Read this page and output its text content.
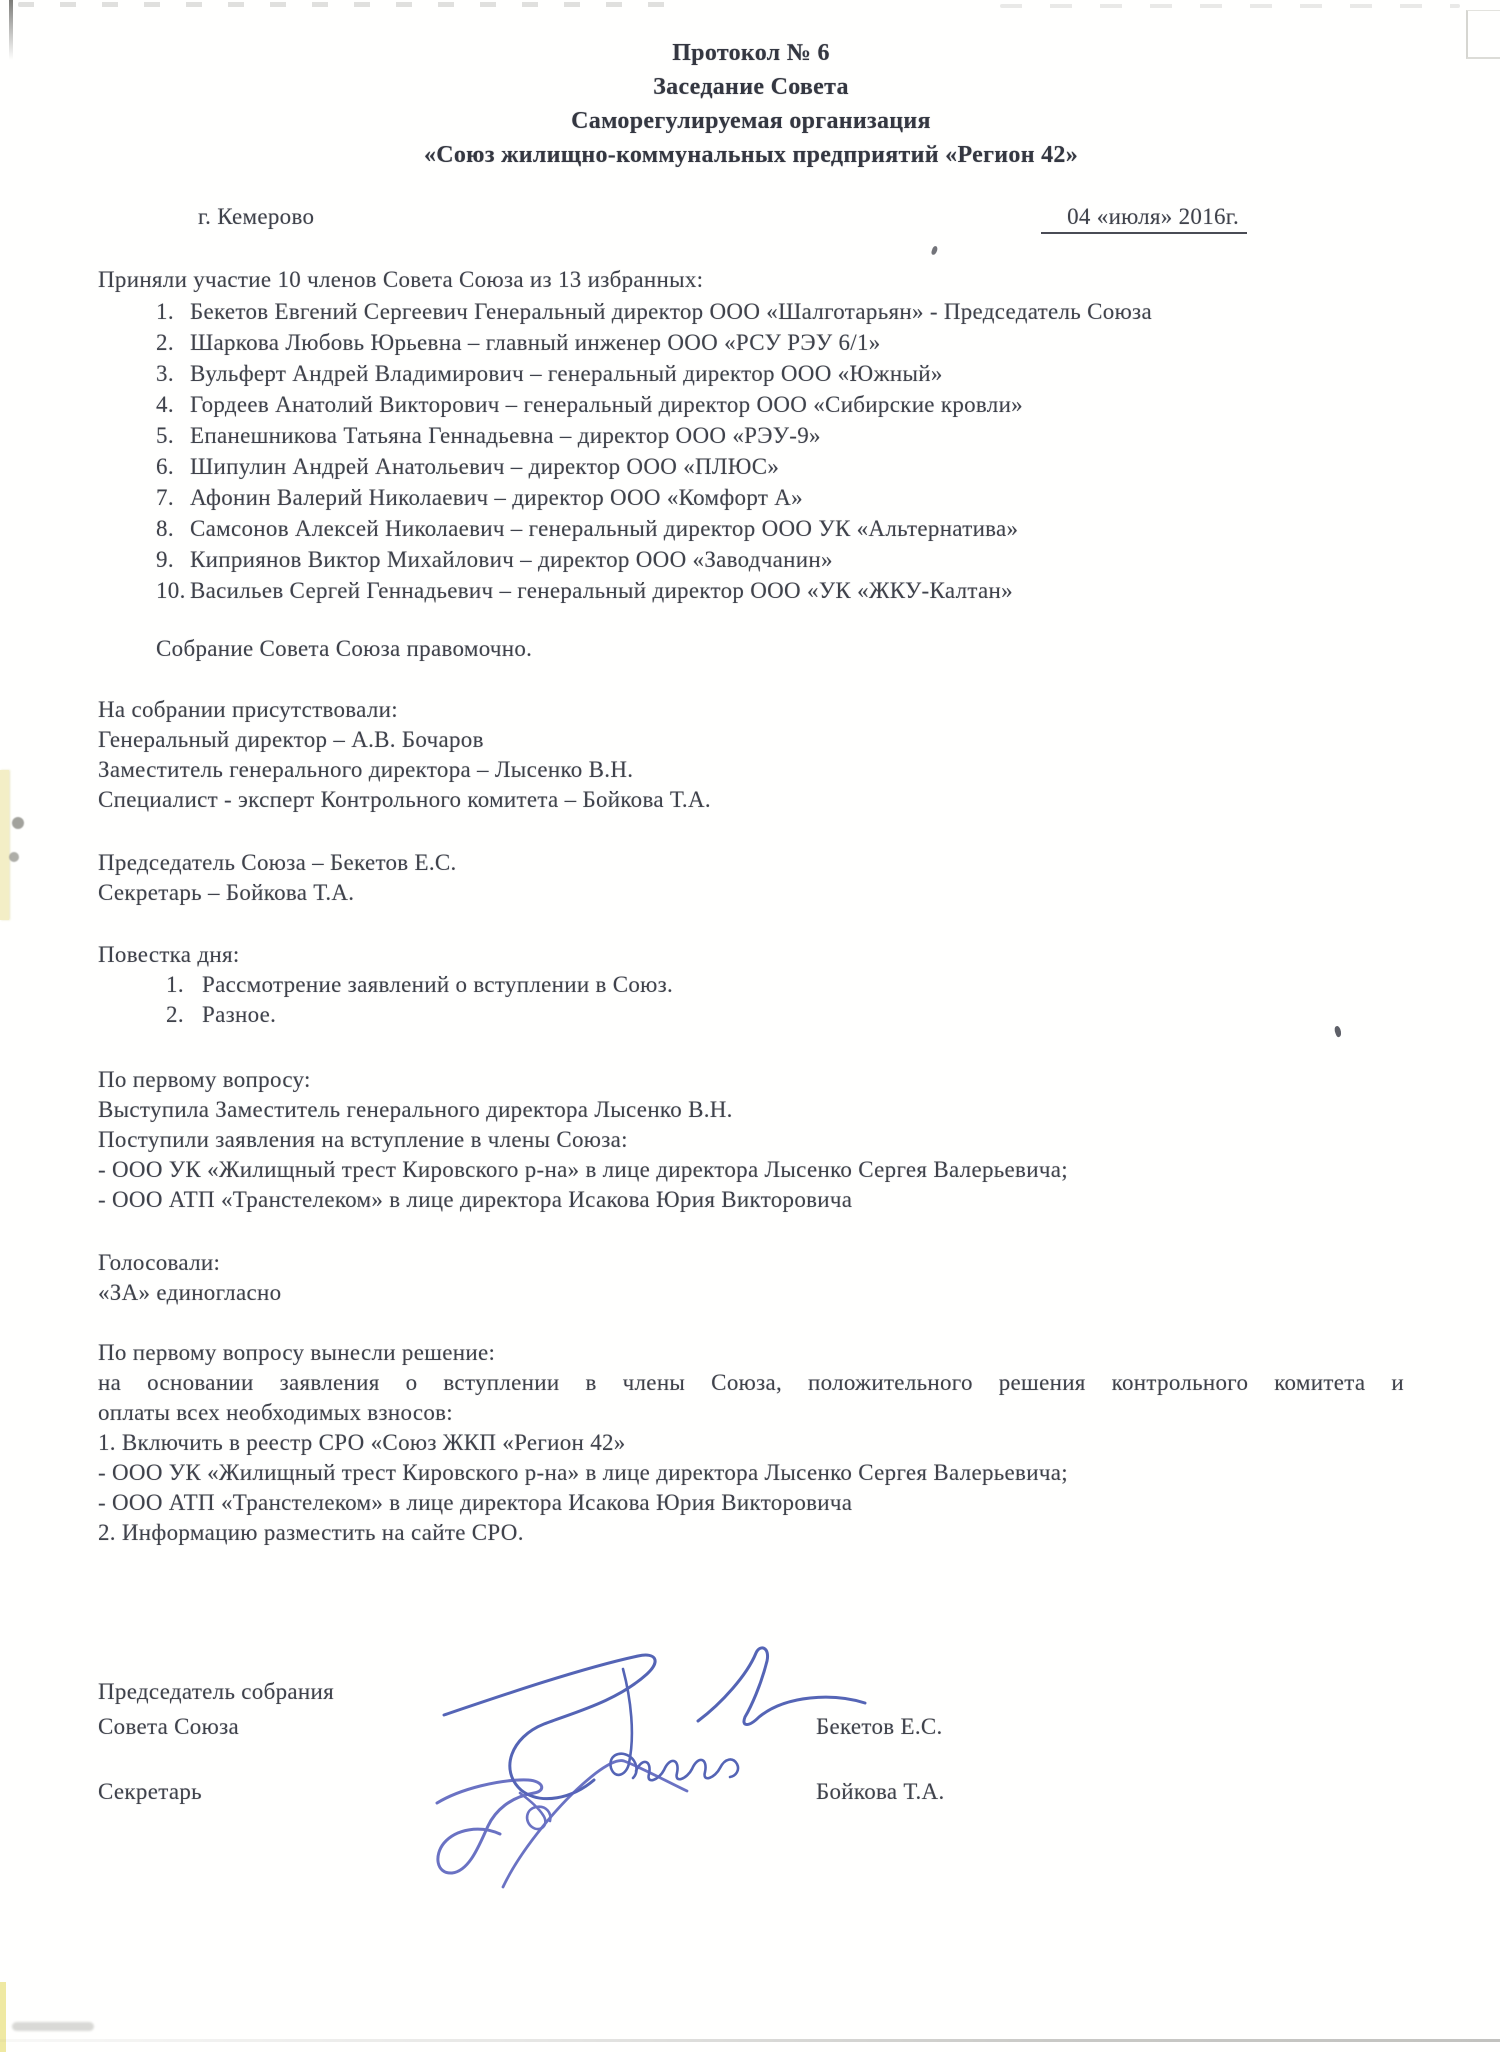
Протокол № 6
Заседание Совета
Саморегулируемая организация
«Союз жилищно-коммунальных предприятий «Регион 42»
г. Кемерово	04 «июля» 2016г.
Приняли участие 10 членов Совета Союза из 13 избранных:
Бекетов Евгений Сергеевич Генеральный директор ООО «Шалготарьян» - Председатель Союза
Шаркова Любовь Юрьевна – главный инженер ООО «РСУ РЭУ 6/1»
Вульферт Андрей Владимирович – генеральный директор ООО «Южный»
Гордеев Анатолий Викторович – генеральный директор ООО «Сибирские кровли»
Епанешникова Татьяна Геннадьевна – директор ООО «РЭУ-9»
Шипулин Андрей Анатольевич – директор ООО «ПЛЮС»
Афонин Валерий Николаевич – директор ООО «Комфорт А»
Самсонов Алексей Николаевич – генеральный директор ООО УК «Альтернатива»
Киприянов Виктор Михайлович – директор ООО «Заводчанин»
Васильев Сергей Геннадьевич – генеральный директор ООО «УК «ЖКУ-Калтан»
Собрание Совета Союза правомочно.
На собрании присутствовали:
Генеральный директор – А.В. Бочаров
Заместитель генерального директора – Лысенко В.Н.
Специалист - эксперт Контрольного комитета – Бойкова Т.А.
Председатель Союза – Бекетов Е.С.
Секретарь – Бойкова Т.А.
Повестка дня:
Рассмотрение заявлений о вступлении в Союз.
Разное.
По первому вопросу:
Выступила Заместитель генерального директора Лысенко В.Н.
Поступили заявления на вступление в члены Союза:
- ООО УК «Жилищный трест Кировского р-на» в лице директора Лысенко Сергея Валерьевича;
- ООО АТП «Транстелеком» в лице директора Исакова Юрия Викторовича
Голосовали:
«ЗА» единогласно
По первому вопросу вынесли решение:
на основании заявления о вступлении в члены Союза, положительного решения контрольного комитета и
оплаты всех необходимых взносов:
1. Включить в реестр СРО «Союз ЖКП «Регион 42»
- ООО УК «Жилищный трест Кировского р-на» в лице директора Лысенко Сергея Валерьевича;
- ООО АТП «Транстелеком» в лице директора Исакова Юрия Викторовича
2. Информацию разместить на сайте СРО.
Председатель собрания
Совета Союза	Бекетов Е.С.
Секретарь	Бойкова Т.А.
